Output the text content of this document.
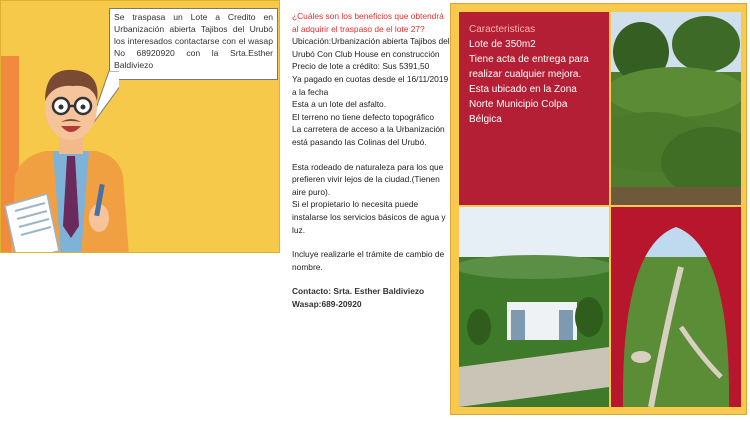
Se traspasa un Lote a Credito en Urbanización abierta Tajibos del Urubó los interesados contactarse con el wasap No 68920920 con la Srta.Esther Baldiviezo

¿Cuáles son los beneficios que obtendrá al adquirir el traspaso de el lote 27?

Ubicación:Urbanización abierta Tajibos del Urubó Con Club House en construcción

Precio de lote a crédito: Sus 5391,50

Ya pagado en cuotas desde el 16/11/2019 a la fecha

Esta a un lote del asfalto.

El terreno no tiene defecto topográfico

La carretera de acceso a la Urbanización está pasando las Colinas del Urubó.

Esta rodeado de naturaleza para los que prefieren vivir lejos de la ciudad.(Tienen aire puro).

Si el propietario lo necesita puede instalarse los servicios básicos de agua y luz.

Incluye realizarle el trámite de cambio de nombre.

Contacto: Srta. Esther Baldiviezo Wasap:689-20920

Caracteristicas
Lote de 350m2
Tiene acta de entrega para realizar cualquier mejora.
Esta ubicado en la Zona Norte Municipio Colpa Bélgica
